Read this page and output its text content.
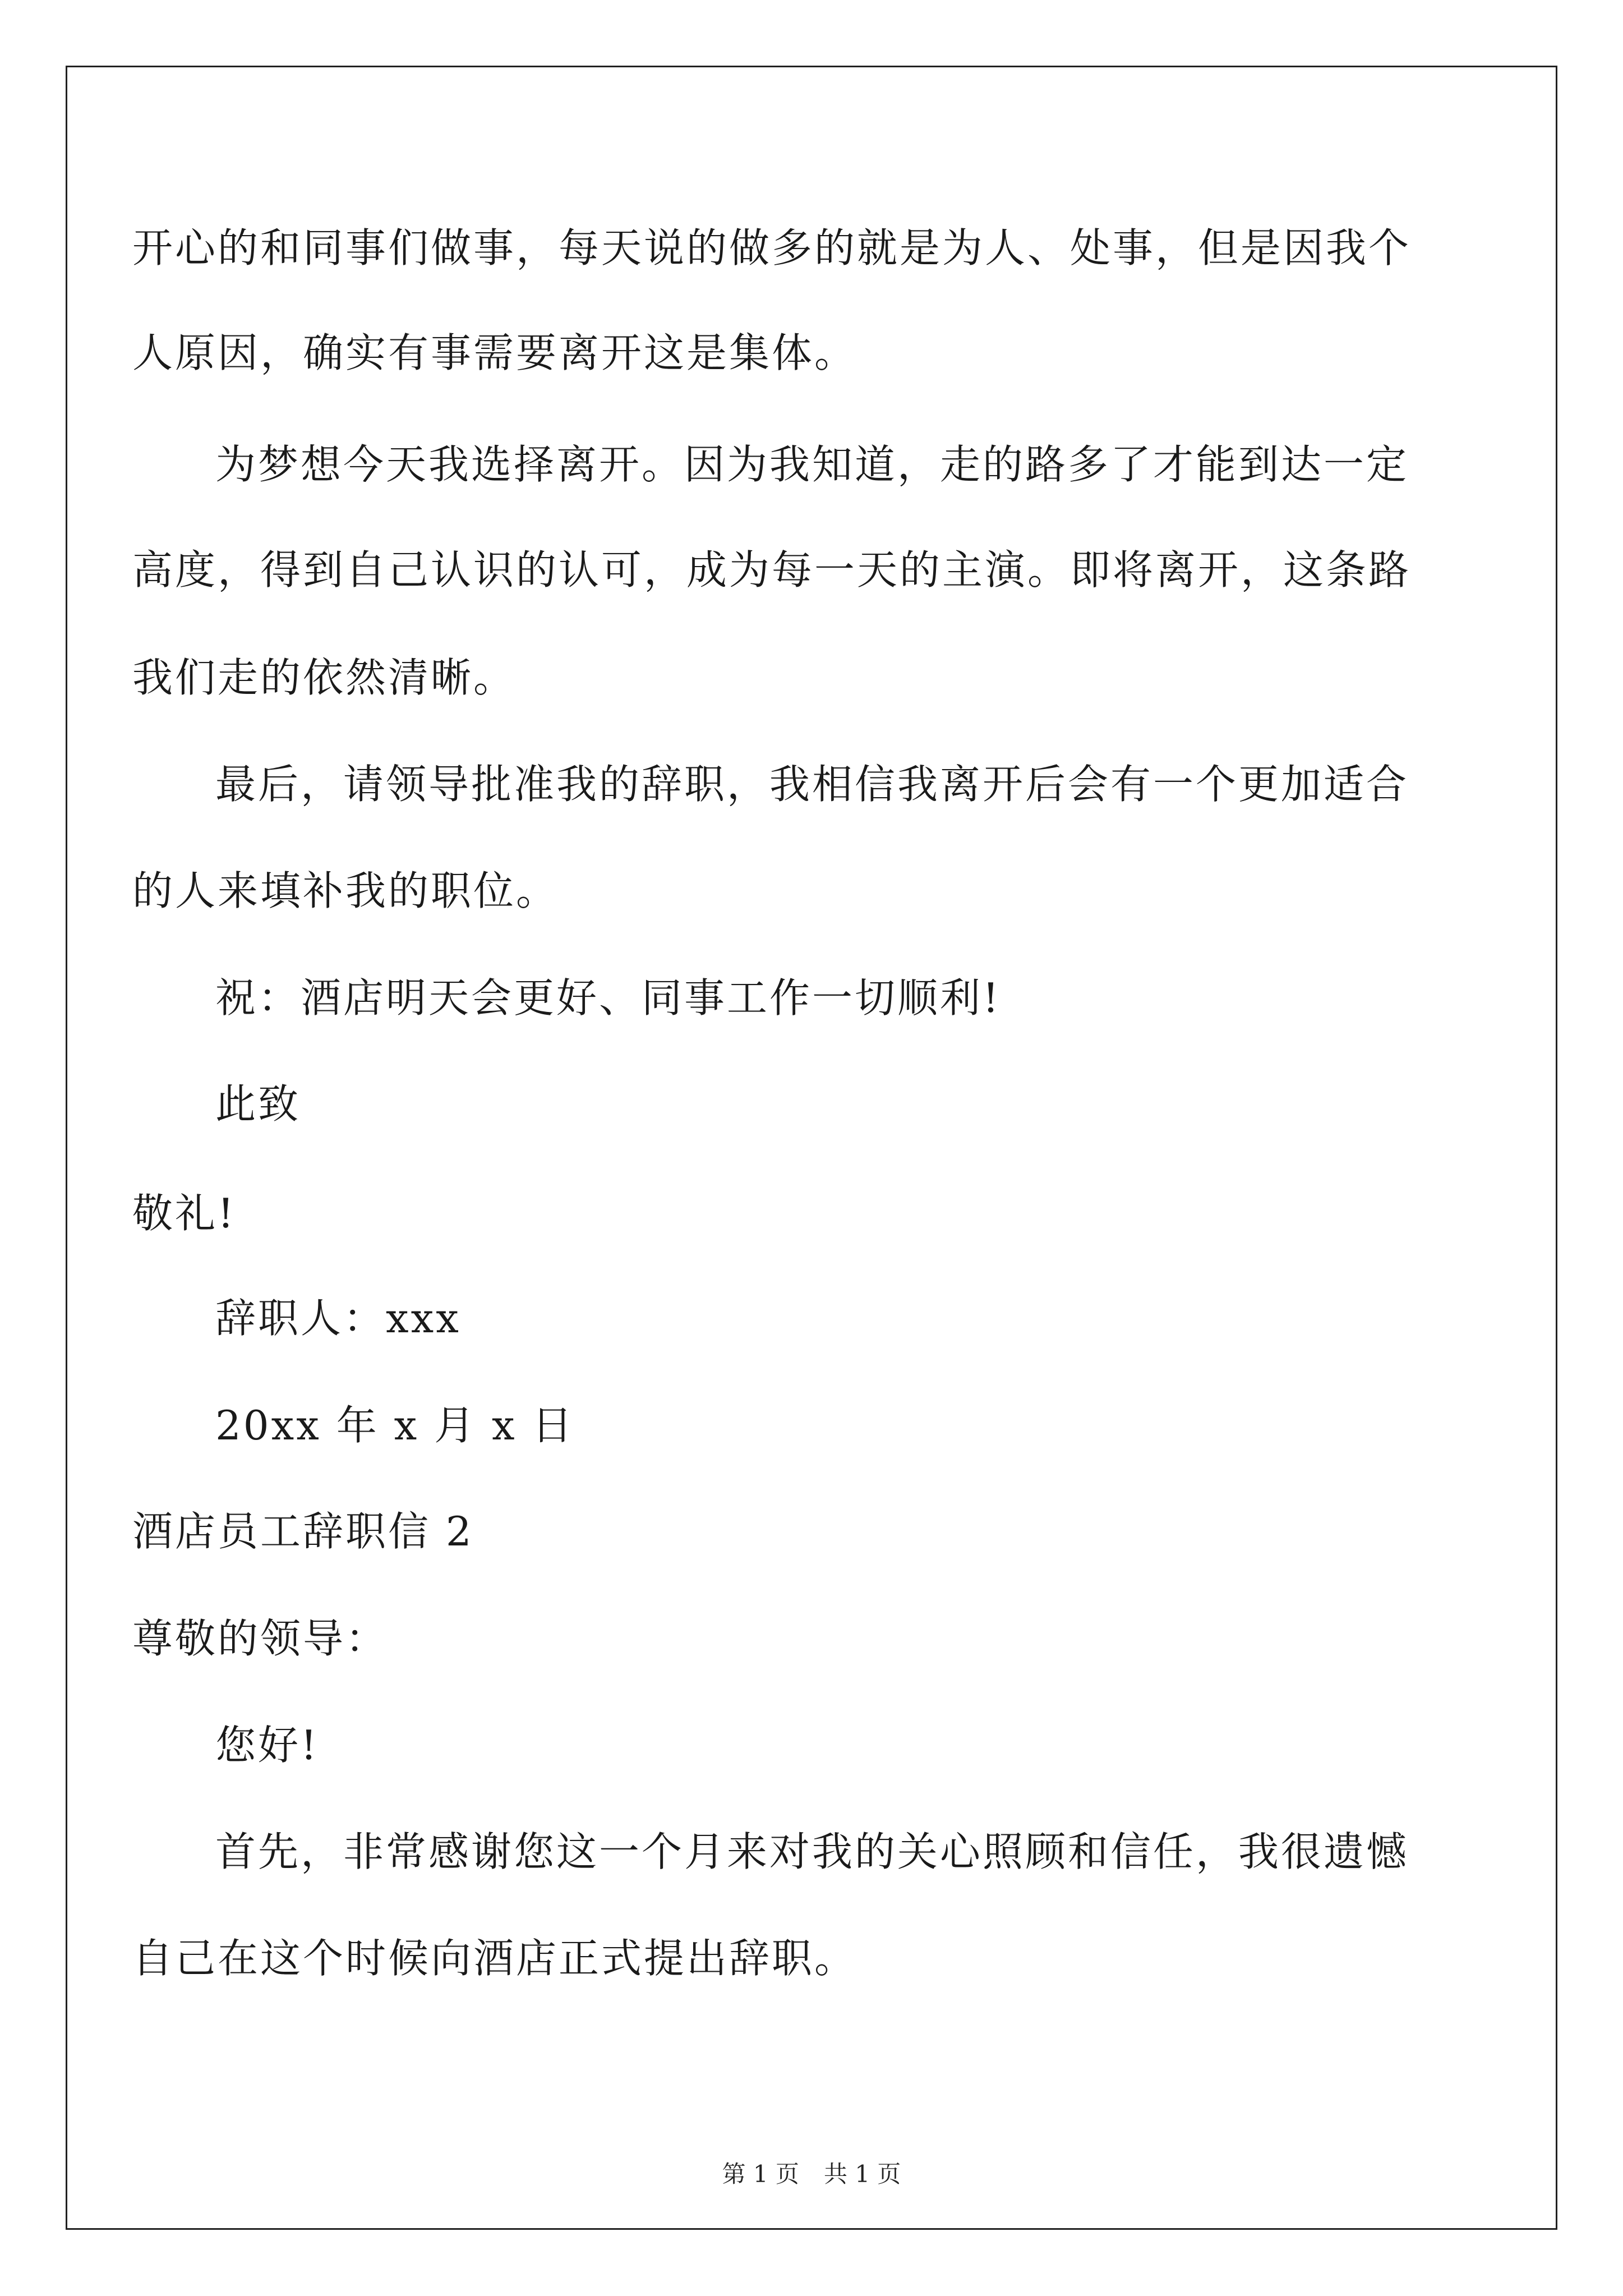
开心的和同事们做事，每天说的做多的就是为人、处事，但是因我个
人原因，确实有事需要离开这是集体。
为梦想今天我选择离开。因为我知道，走的路多了才能到达一定
高度，得到自己认识的认可，成为每一天的主演。即将离开，这条路
我们走的依然清晰。
最后，请领导批准我的辞职，我相信我离开后会有一个更加适合
的人来填补我的职位。
祝：酒店明天会更好、同事工作一切顺利!
此致
敬礼!
辞职人：xxx
20xx 年 x 月 x 日
酒店员工辞职信 2
尊敬的领导：
您好!
首先，非常感谢您这一个月来对我的关心照顾和信任，我很遗憾
自己在这个时候向酒店正式提出辞职。
第 1 页 共 1 页
